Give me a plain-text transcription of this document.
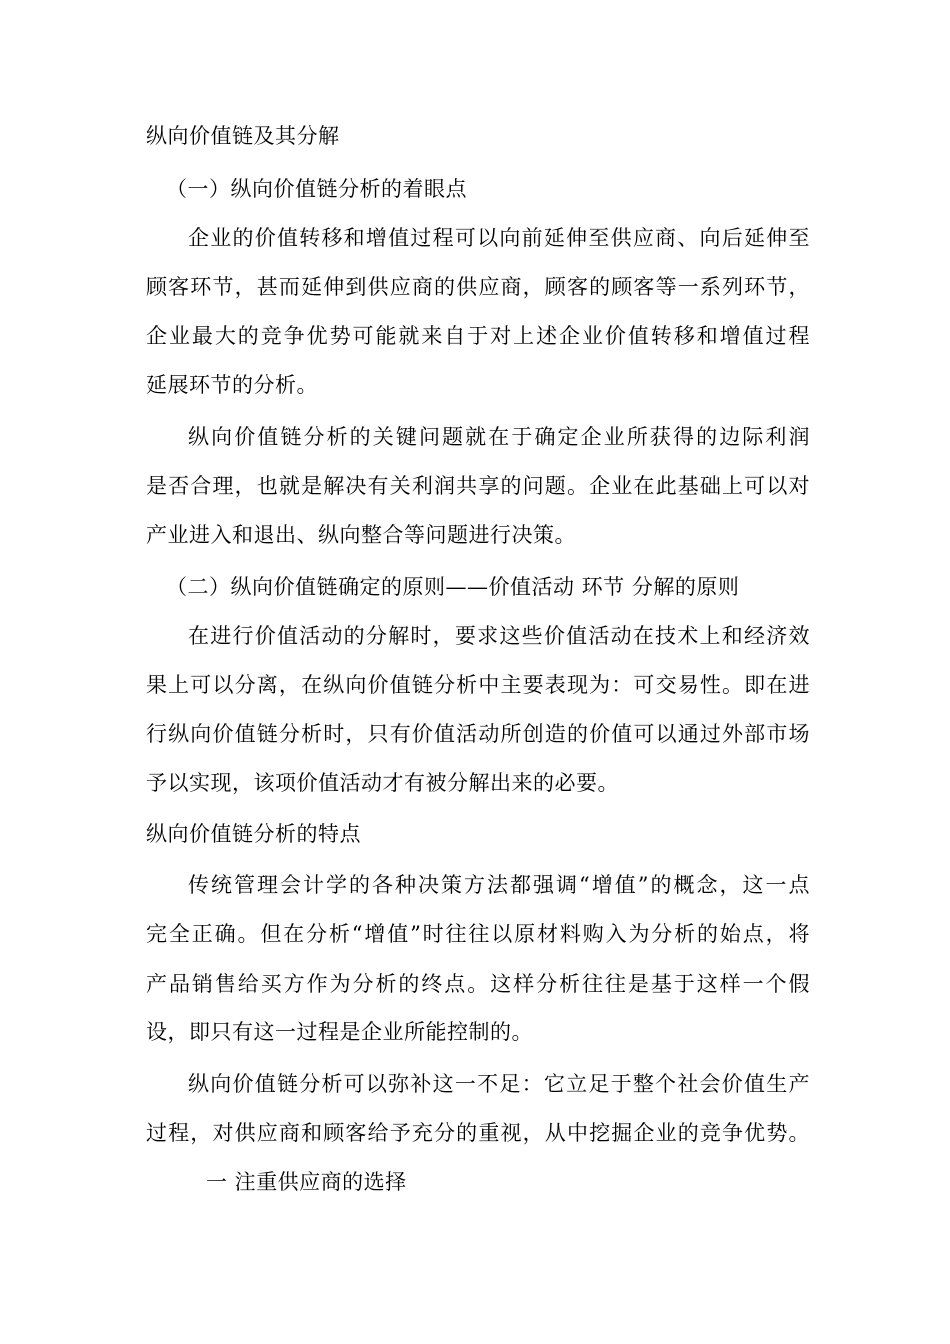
纵向价值链及其分解
（一）纵向价值链分析的着眼点
企业的价值转移和增值过程可以向前延伸至供应商、向后延伸至
顾客环节，甚而延伸到供应商的供应商，顾客的顾客等一系列环节，
企业最大的竞争优势可能就来自于对上述企业价值转移和增值过程
延展环节的分析。
纵向价值链分析的关键问题就在于确定企业所获得的边际利润
是否合理，也就是解决有关利润共享的问题。企业在此基础上可以对
产业进入和退出、纵向整合等问题进行决策。
（二）纵向价值链确定的原则——价值活动 环节 分解的原则
在进行价值活动的分解时，要求这些价值活动在技术上和经济效
果上可以分离，在纵向价值链分析中主要表现为：可交易性。即在进
行纵向价值链分析时，只有价值活动所创造的价值可以通过外部市场
予以实现，该项价值活动才有被分解出来的必要。
纵向价值链分析的特点
传统管理会计学的各种决策方法都强调“增值”的概念，这一点
完全正确。但在分析“增值”时往往以原材料购入为分析的始点，将
产品销售给买方作为分析的终点。这样分析往往是基于这样一个假
设，即只有这一过程是企业所能控制的。
纵向价值链分析可以弥补这一不足：它立足于整个社会价值生产
过程，对供应商和顾客给予充分的重视，从中挖掘企业的竞争优势。
一 注重供应商的选择
